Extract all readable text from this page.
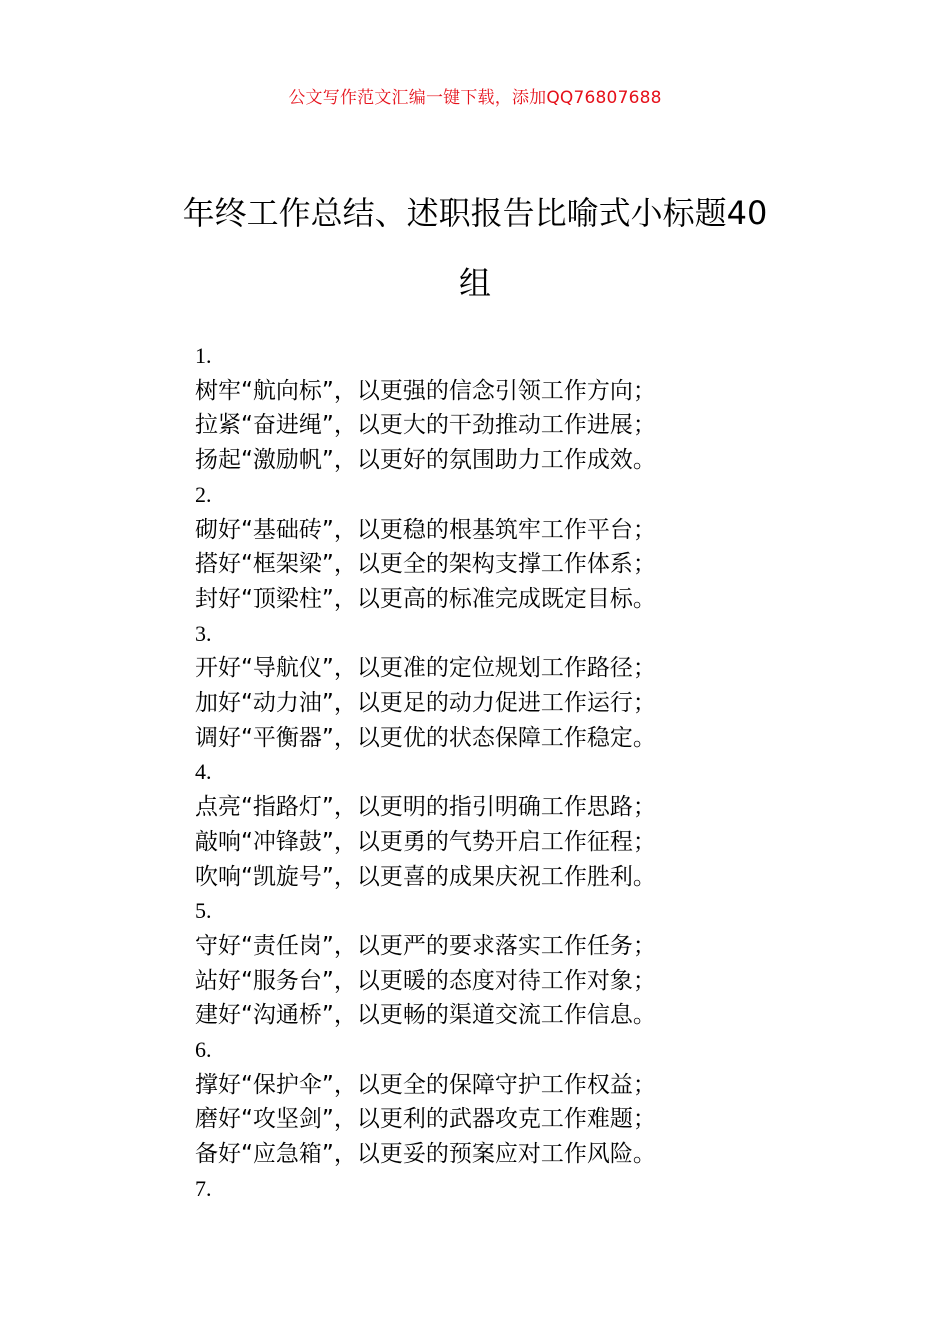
公文写作范文汇编一键下载，添加QQ76807688
年终工作总结、述职报告比喻式小标题40
组
1.
树牢“航向标”，以更强的信念引领工作方向；
拉紧“奋进绳”，以更大的干劲推动工作进展；
扬起“激励帆”，以更好的氛围助力工作成效。
2.
砌好“基础砖”，以更稳的根基筑牢工作平台；
搭好“框架梁”，以更全的架构支撑工作体系；
封好“顶梁柱”，以更高的标准完成既定目标。
3.
开好“导航仪”，以更准的定位规划工作路径；
加好“动力油”，以更足的动力促进工作运行；
调好“平衡器”，以更优的状态保障工作稳定。
4.
点亮“指路灯”，以更明的指引明确工作思路；
敲响“冲锋鼓”，以更勇的气势开启工作征程；
吹响“凯旋号”，以更喜的成果庆祝工作胜利。
5.
守好“责任岗”，以更严的要求落实工作任务；
站好“服务台”，以更暖的态度对待工作对象；
建好“沟通桥”，以更畅的渠道交流工作信息。
6.
撑好“保护伞”，以更全的保障守护工作权益；
磨好“攻坚剑”，以更利的武器攻克工作难题；
备好“应急箱”，以更妥的预案应对工作风险。
7.
